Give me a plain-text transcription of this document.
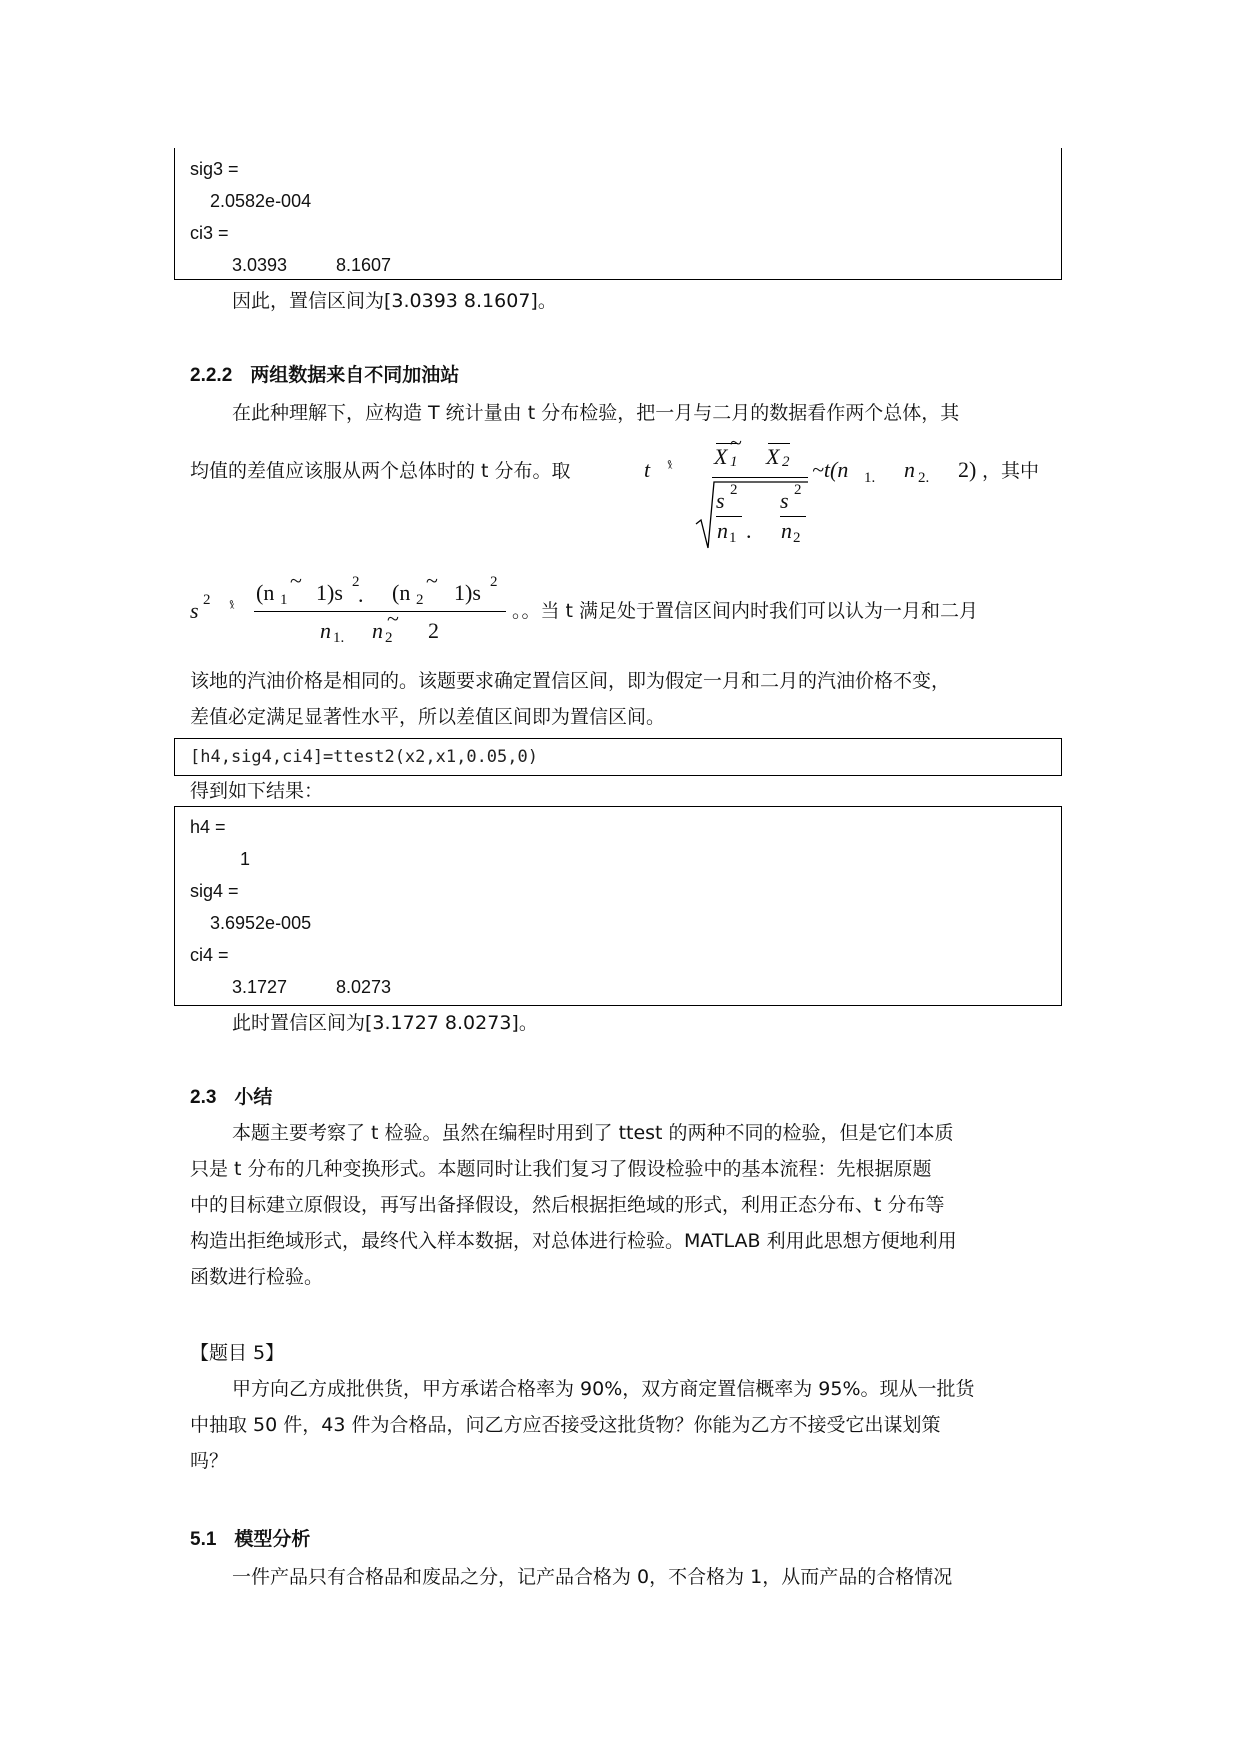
sig3 =
2.0582e-004
ci3 =
3.0393	8.1607
因此，置信区间为[3.0393 8.1607]。
2.2.2 两组数据来自不同加油站
在此种理解下，应构造 T 统计量由 t 分布检验，把一月与二月的数据看作两个总体，其
均值的差值应该服从两个总体时的 t 分布。取	t ᵡ̊ X 1
~
X 2
s 2
n 1 .
s 2
n 2
~t(n 1. n 2. 2) ，其中
s 2 ᵡ̊
(n 1
~ 1)s 2
. (n 2
~ 1)s 2
n 1. n 2
~ 2
。。当 t 满足处于置信区间内时我们可以认为一月和二月
该地的汽油价格是相同的。该题要求确定置信区间，即为假定一月和二月的汽油价格不变，
差值必定满足显著性水平，所以差值区间即为置信区间。
[h4,sig4,ci4]=ttest2(x2,x1,0.05,0)
得到如下结果：
h4 =
1
sig4 =
3.6952e-005
ci4 =
3.1727	8.0273
此时置信区间为[3.1727 8.0273]。
2.3 小结
本题主要考察了 t 检验。虽然在编程时用到了 ttest 的两种不同的检验，但是它们本质
只是 t 分布的几种变换形式。本题同时让我们复习了假设检验中的基本流程：先根据原题
中的目标建立原假设，再写出备择假设，然后根据拒绝域的形式，利用正态分布、t 分布等
构造出拒绝域形式，最终代入样本数据，对总体进行检验。MATLAB 利用此思想方便地利用
函数进行检验。
【题目 5】
甲方向乙方成批供货，甲方承诺合格率为 90%，双方商定置信概率为 95%。现从一批货
中抽取 50 件，43 件为合格品，问乙方应否接受这批货物？你能为乙方不接受它出谋划策
吗？
5.1 模型分析
一件产品只有合格品和废品之分，记产品合格为 0，不合格为 1，从而产品的合格情况
